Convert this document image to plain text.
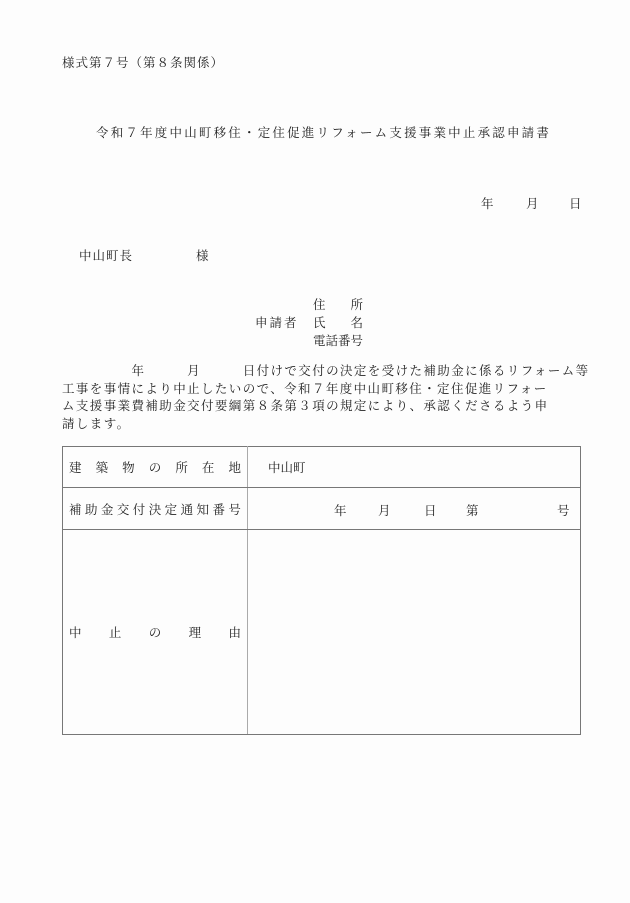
様式第７号（第８条関係）
令和７年度中山町移住・定住促進リフォーム支援事業中止承認申請書
年	月 日
中山町長	様
申請者
住　　所
氏　　名
電話番号
　　　　　年　　　月　　　日付けで交付の決定を受けた補助金に係るリフォーム等
工事を事情により中止したいので、令和７年度中山町移住・定住促進リフォー
ム支援事業費補助金交付要綱第８条第３項の規定により、承認くださるよう申
請します。
建 築 物 の 所 在 地	中山町

補 助 金 交 付 決 定 通 知 番 号	年	月	日 第	号

中 止 の 理 由	
